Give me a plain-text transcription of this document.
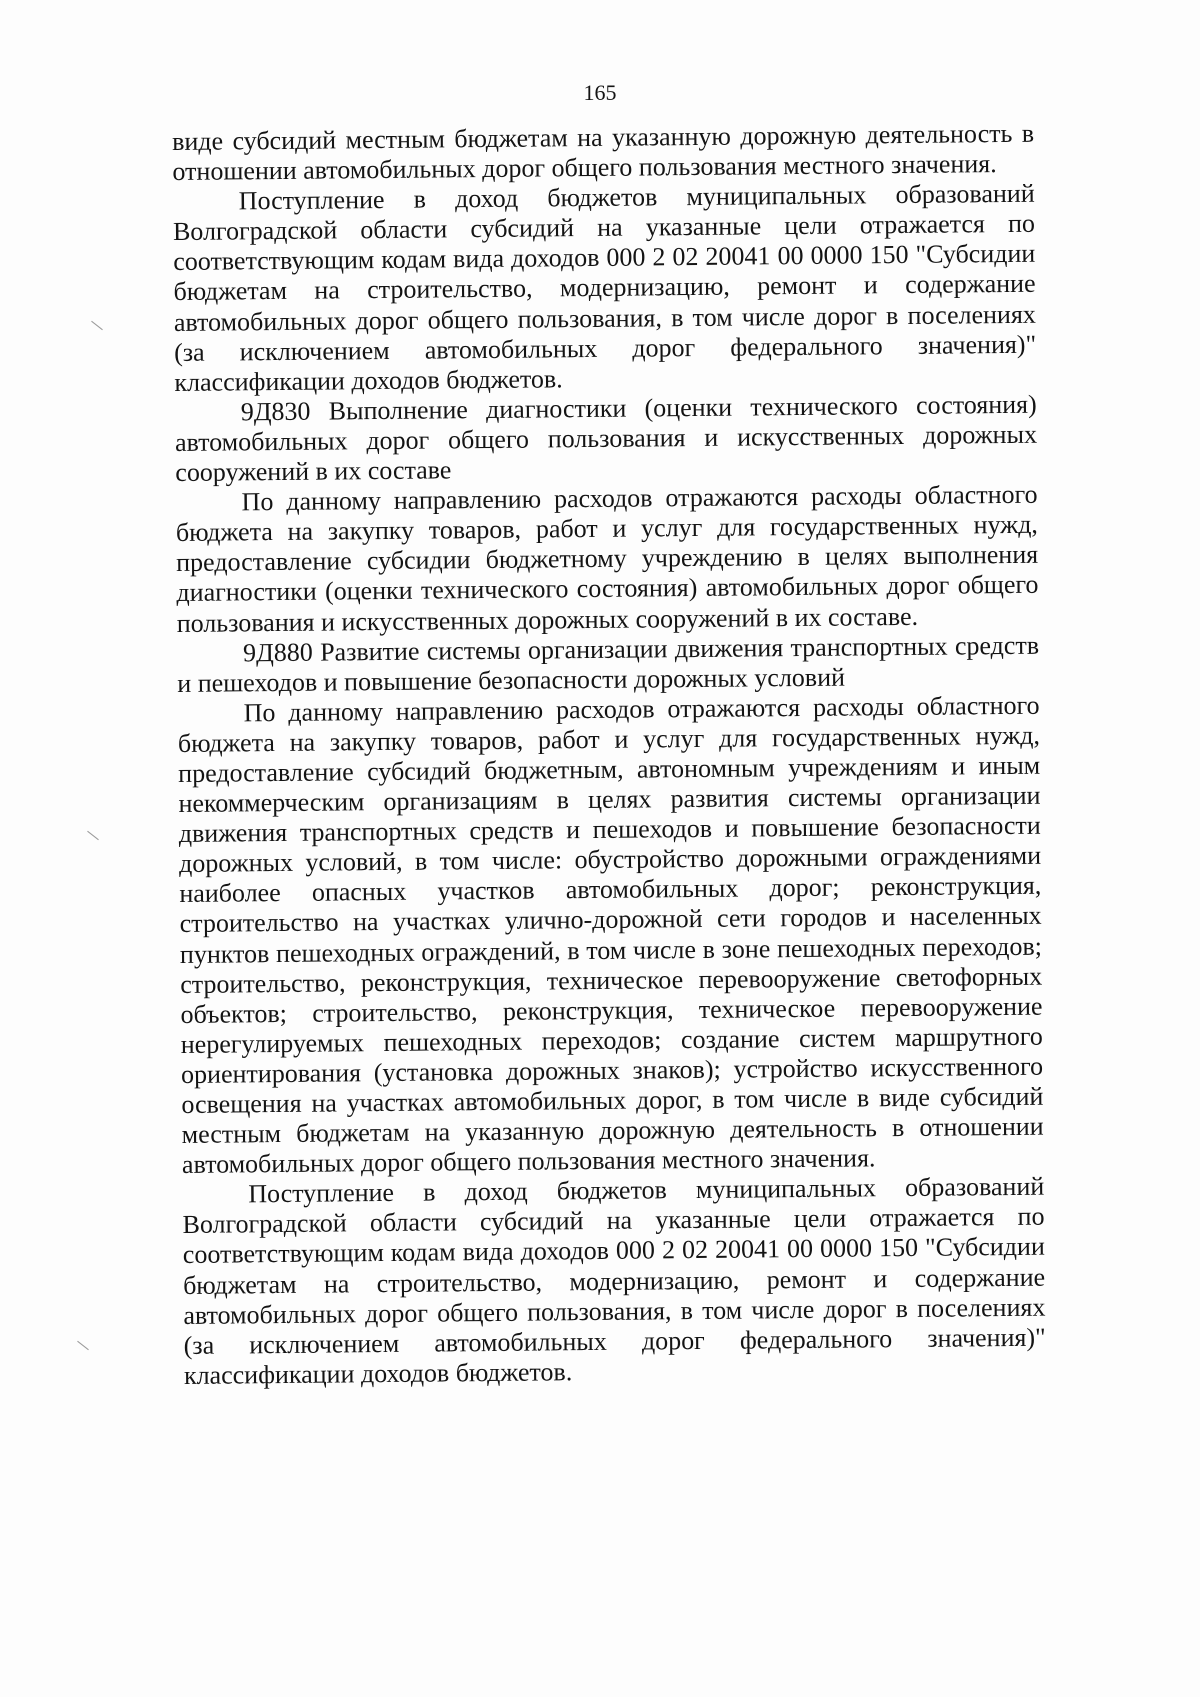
165

виде субсидий местным бюджетам на указанную дорожную деятельность в отношении автомобильных дорог общего пользования местного значения.

Поступление в доход бюджетов муниципальных образований Волгоградской области субсидий на указанные цели отражается по соответствующим кодам вида доходов 000 2 02 20041 00 0000 150 "Субсидии бюджетам на строительство, модернизацию, ремонт и содержание автомобильных дорог общего пользования, в том числе дорог в поселениях (за исключением автомобильных дорог федерального значения)" классификации доходов бюджетов.

9Д830 Выполнение диагностики (оценки технического состояния) автомобильных дорог общего пользования и искусственных дорожных сооружений в их составе

По данному направлению расходов отражаются расходы областного бюджета на закупку товаров, работ и услуг для государственных нужд, предоставление субсидии бюджетному учреждению в целях выполнения диагностики (оценки технического состояния) автомобильных дорог общего пользования и искусственных дорожных сооружений в их составе.

9Д880 Развитие системы организации движения транспортных средств и пешеходов и повышение безопасности дорожных условий

По данному направлению расходов отражаются расходы областного бюджета на закупку товаров, работ и услуг для государственных нужд, предоставление субсидий бюджетным, автономным учреждениям и иным некоммерческим организациям в целях развития системы организации движения транспортных средств и пешеходов и повышение безопасности дорожных условий, в том числе: обустройство дорожными ограждениями наиболее опасных участков автомобильных дорог; реконструкция, строительство на участках улично-дорожной сети городов и населенных пунктов пешеходных ограждений, в том числе в зоне пешеходных переходов; строительство, реконструкция, техническое перевооружение светофорных объектов; строительство, реконструкция, техническое перевооружение нерегулируемых пешеходных переходов; создание систем маршрутного ориентирования (установка дорожных знаков); устройство искусственного освещения на участках автомобильных дорог, в том числе в виде субсидий местным бюджетам на указанную дорожную деятельность в отношении автомобильных дорог общего пользования местного значения.

Поступление в доход бюджетов муниципальных образований Волгоградской области субсидий на указанные цели отражается по соответствующим кодам вида доходов 000 2 02 20041 00 0000 150 "Субсидии бюджетам на строительство, модернизацию, ремонт и содержание автомобильных дорог общего пользования, в том числе дорог в поселениях (за исключением автомобильных дорог федерального значения)" классификации доходов бюджетов.
